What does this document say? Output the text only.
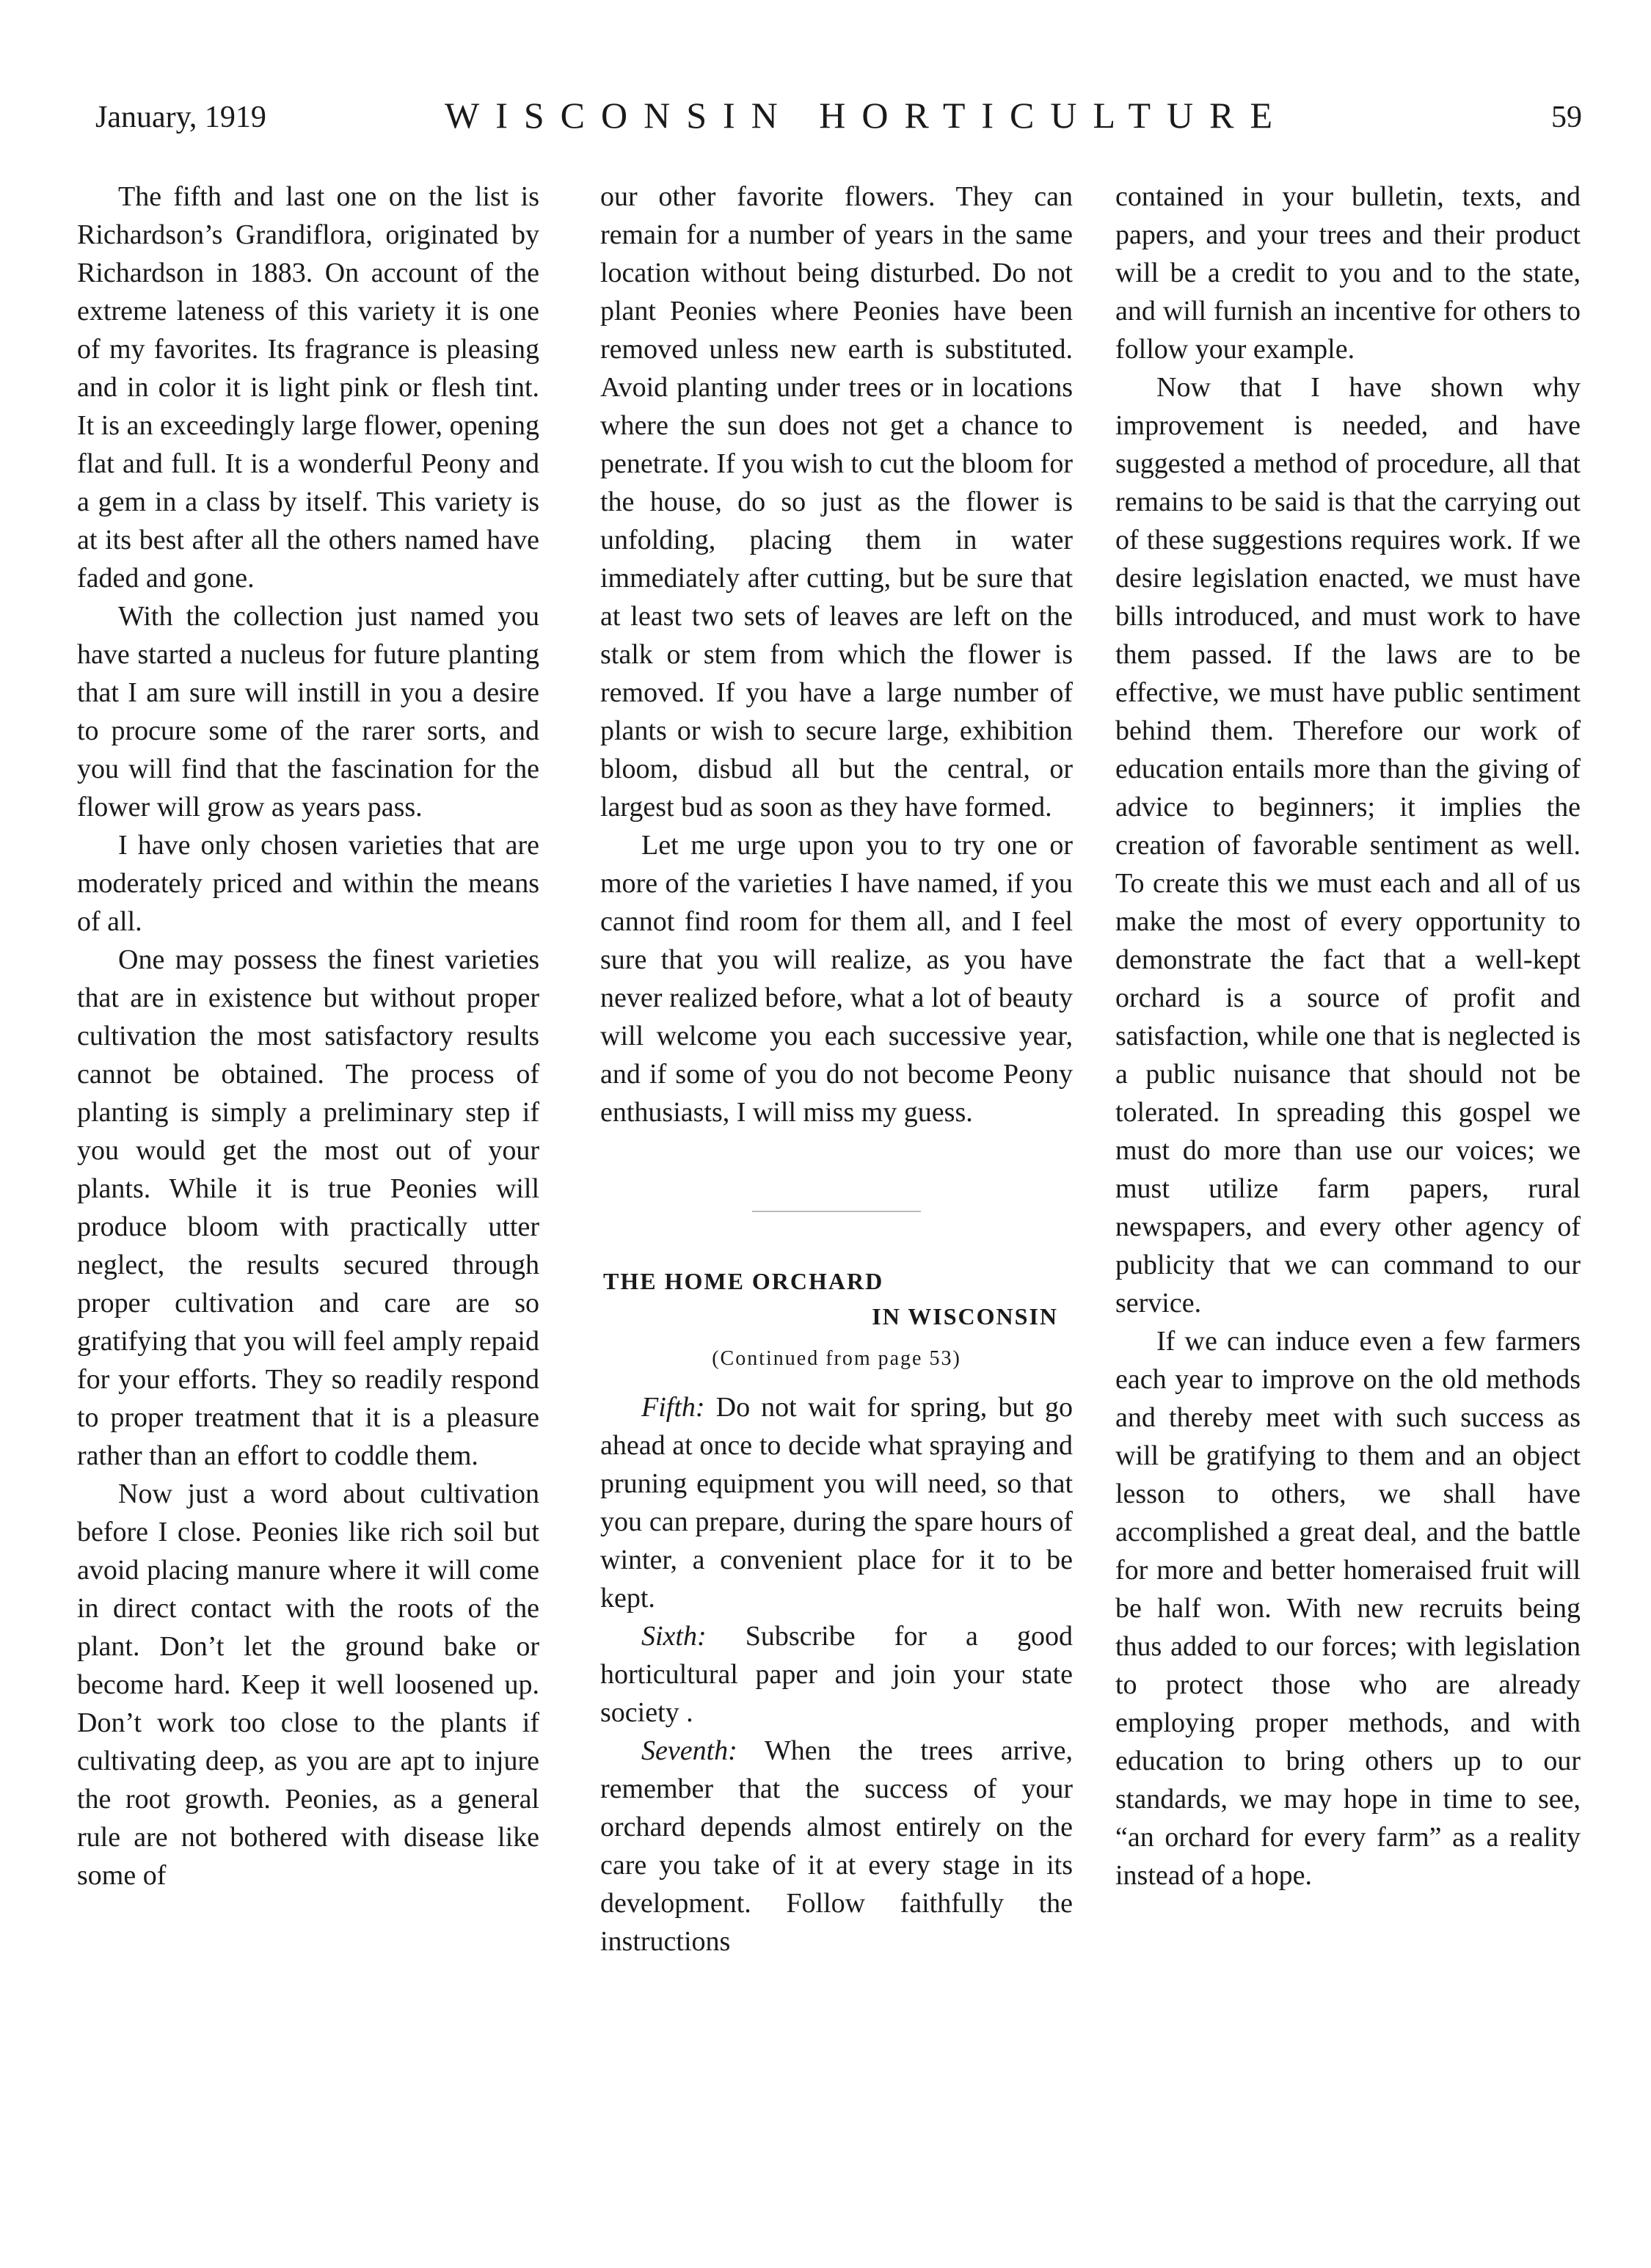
January, 1919	WISCONSIN HORTICULTURE	59

The fifth and last one on the list is Richardson’s Grandiflora, originated by Richardson in 1883. On account of the extreme lateness of this variety it is one of my favorites. Its fragrance is pleasing and in color it is light pink or flesh tint. It is an exceedingly large flower, opening flat and full. It is a wonderful Peony and a gem in a class by itself. This variety is at its best after all the others named have faded and gone.

With the collection just named you have started a nucleus for future planting that I am sure will instill in you a desire to procure some of the rarer sorts, and you will find that the fascination for the flower will grow as years pass.

I have only chosen varieties that are moderately priced and within the means of all.

One may possess the finest varieties that are in existence but without proper cultivation the most satisfactory results cannot be obtained. The process of planting is simply a preliminary step if you would get the most out of your plants. While it is true Peonies will produce bloom with practically utter neglect, the results secured through proper cultivation and care are so gratifying that you will feel amply repaid for your efforts. They so readily respond to proper treatment that it is a pleasure rather than an effort to coddle them.

Now just a word about cultivation before I close. Peonies like rich soil but avoid placing manure where it will come in direct contact with the roots of the plant. Don’t let the ground bake or become hard. Keep it well loosened up. Don’t work too close to the plants if cultivating deep, as you are apt to injure the root growth. Peonies, as a general rule are not bothered with disease like some of

our other favorite flowers. They can remain for a number of years in the same location without being disturbed. Do not plant Peonies where Peonies have been removed unless new earth is substituted. Avoid planting under trees or in locations where the sun does not get a chance to penetrate. If you wish to cut the bloom for the house, do so just as the flower is unfolding, placing them in water immediately after cutting, but be sure that at least two sets of leaves are left on the stalk or stem from which the flower is removed. If you have a large number of plants or wish to secure large, exhibition bloom, disbud all but the central, or largest bud as soon as they have formed.

Let me urge upon you to try one or more of the varieties I have named, if you cannot find room for them all, and I feel sure that you will realize, as you have never realized before, what a lot of beauty will welcome you each successive year, and if some of you do not become Peony enthusiasts, I will miss my guess.

THE HOME ORCHARD

IN WISCONSIN

(Continued from page 53)

Fifth: Do not wait for spring, but go ahead at once to decide what spraying and pruning equipment you will need, so that you can prepare, during the spare hours of winter, a convenient place for it to be kept.

Sixth: Subscribe for a good horticultural paper and join your state society .

Seventh: When the trees arrive, remember that the success of your orchard depends almost entirely on the care you take of it at every stage in its development. Follow faithfully the instructions

contained in your bulletin, texts, and papers, and your trees and their product will be a credit to you and to the state, and will furnish an incentive for others to follow your example.

Now that I have shown why improvement is needed, and have suggested a method of procedure, all that remains to be said is that the carrying out of these suggestions requires work. If we desire legislation enacted, we must have bills introduced, and must work to have them passed. If the laws are to be effective, we must have public sentiment behind them. Therefore our work of education entails more than the giving of advice to beginners; it implies the creation of favorable sentiment as well. To create this we must each and all of us make the most of every opportunity to demonstrate the fact that a well-kept orchard is a source of profit and satisfaction, while one that is neglected is a public nuisance that should not be tolerated. In spreading this gospel we must do more than use our voices; we must utilize farm papers, rural newspapers, and every other agency of publicity that we can command to our service.

If we can induce even a few farmers each year to improve on the old methods and thereby meet with such success as will be gratifying to them and an object lesson to others, we shall have accomplished a great deal, and the battle for more and better homeraised fruit will be half won. With new recruits being thus added to our forces; with legislation to protect those who are already employing proper methods, and with education to bring others up to our standards, we may hope in time to see, “an orchard for every farm” as a reality instead of a hope.
